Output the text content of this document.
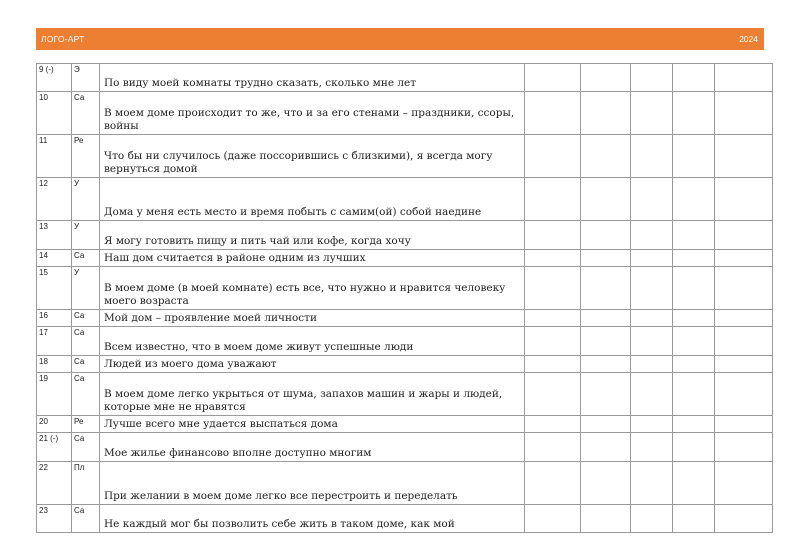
ЛОГО-АРТ	2024
9 (-)	Э	По виду моей комнаты трудно сказать, сколько мне лет					
10	Са	В моем доме происходит то же, что и за его стенами – праздники, ссоры, войны					
11	Ре	Что бы ни случилось (даже поссорившись с близкими), я всегда могу вернуться домой					
12	У	Дома у меня есть место и время побыть с самим(ой) собой наедине					
13	У	Я могу готовить пищу и пить чай или кофе, когда хочу					
14	Са	Наш дом считается в районе одним из лучших					
15	У	В моем доме (в моей комнате) есть все, что нужно и нравится человеку моего возраста					
16	Са	Мой дом – проявление моей личности					
17	Са	Всем известно, что в моем доме живут успешные люди					
18	Са	Людей из моего дома уважают					
19	Са	В моем доме легко укрыться от шума, запахов машин и жары и людей, которые мне не нравятся					
20	Ре	Лучше всего мне удается выспаться дома					
21 (-)	Са	Мое жилье финансово вполне доступно многим					
22	Пл	При желании в моем доме легко все перестроить и переделать					
23	Са	Не каждый мог бы позволить себе жить в таком доме, как мой					
